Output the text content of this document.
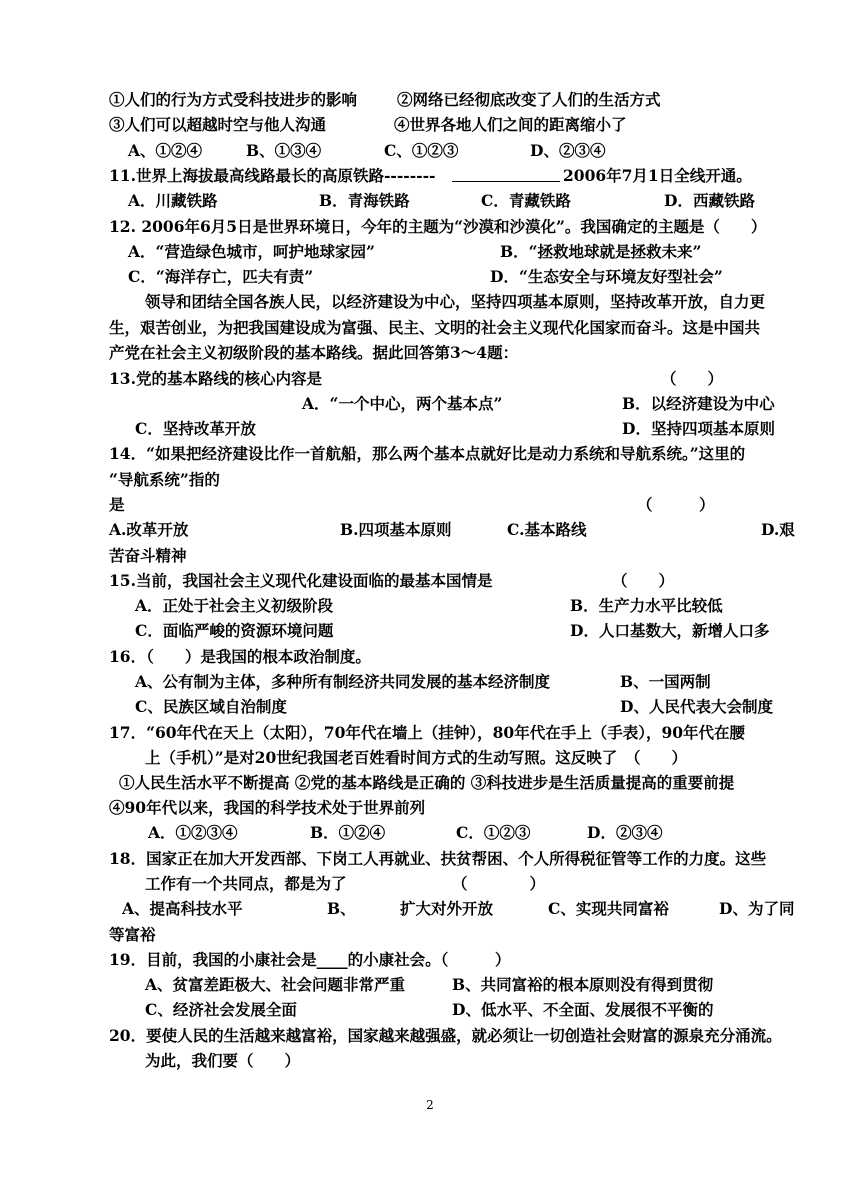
①人们的行为方式受科技进步的影响	②网络已经彻底改变了人们的生活方式
③人们可以超越时空与他人沟通	④世界各地人们之间的距离缩小了
A、①②④	B、①③④	C、①②③	D、②③④
11.世界上海拔最高线路最长的高原铁路--------	2006年7月1日全线开通。
A．川藏铁路	B．青海铁路	C．青藏铁路	D．西藏铁路
12. 2006年6月5日是世界环境日，今年的主题为“沙漠和沙漠化”。我国确定的主题是（　　）
A．“营造绿色城市，呵护地球家园”	B．“拯救地球就是拯救未来”
C．“海洋存亡，匹夫有责”	D．“生态安全与环境友好型社会”
领导和团结全国各族人民，以经济建设为中心，坚持四项基本原则，坚持改革开放，自力更
生，艰苦创业，为把我国建设成为富强、民主、文明的社会主义现代化国家而奋斗。这是中国共
产党在社会主义初级阶段的基本路线。据此回答第3～4题：
13.党的基本路线的核心内容是	（　　）
A．“一个中心，两个基本点”	B．以经济建设为中心
C．坚持改革开放	D．坚持四项基本原则
14．“如果把经济建设比作一首航船，那么两个基本点就好比是动力系统和导航系统。”这里的
“导航系统”指的
是	（　　　）
A.改革开放	B.四项基本原则	C.基本路线	D.艰
苦奋斗精神
15.当前，我国社会主义现代化建设面临的最基本国情是	（　　）
A．正处于社会主义初级阶段	B．生产力水平比较低
C．面临严峻的资源环境问题	D．人口基数大，新增人口多
16．（　　）是我国的根本政治制度。
A、公有制为主体，多种所有制经济共同发展的基本经济制度	B、一国两制
C、民族区域自治制度	D、人民代表大会制度
17．“60年代在天上（太阳），70年代在墙上（挂钟），80年代在手上（手表），90年代在腰
上（手机）”是对20世纪我国老百姓看时间方式的生动写照。这反映了　（　　）
①人民生活水平不断提高 ②党的基本路线是正确的 ③科技进步是生活质量提高的重要前提
④90年代以来，我国的科学技术处于世界前列
A．①②③④	B．①②④	C．①②③	D．②③④
18．国家正在加大开发西部、下岗工人再就业、扶贫帮困、个人所得税征管等工作的力度。这些
工作有一个共同点，都是为了	（　　　　）
A、提高科技水平	B、	扩大对外开放	C、实现共同富裕	D、为了同
等富裕
19．目前，我国的小康社会是____的小康社会。（　　　）
A、贫富差距极大、社会问题非常严重	B、共同富裕的根本原则没有得到贯彻
C、经济社会发展全面	D、低水平、不全面、发展很不平衡的
20．要使人民的生活越来越富裕，国家越来越强盛，就必须让一切创造社会财富的源泉充分涌流。
为此，我们要（　　）
2
